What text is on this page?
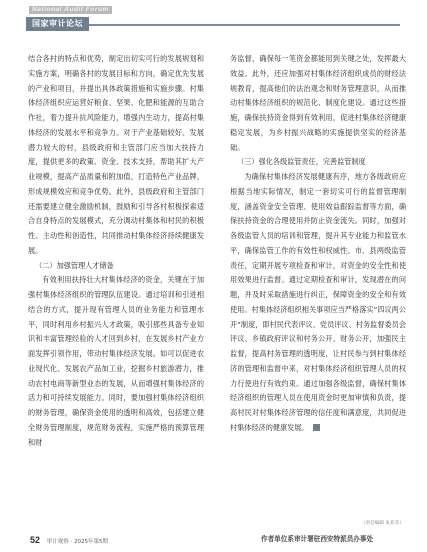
National Audit Forum
国家审计论坛

结合各村的特点和优势，制定出切实可行的发展规划和实施方案，明确各村的发展目标和方向，确定优先发展的产业和项目，并提出具体政策措施和实施步骤。村集体经济组织应运营好粮食、坚果、化肥和能源的互助合作社，着力提升抗风险能力，增强内生动力，提高村集体经济的发展水平和竞争力。对于产业基础较好、发展潜力较大的村，县级政府和主管部门应当加大扶持力度，提供更多的政策、资金、技术支持，帮助其扩大产业规模，提高产品质量和附加值，打造特色产业品牌，形成规模效应和竞争优势。此外，县级政府和主管部门还需要建立健全激励机制，鼓励和引导各村积极探索适合自身特点的发展模式，充分调动村集体和村民的积极性、主动性和创造性，共同推动村集体经济持续健康发展。

（二）加强管理人才储备

有效利用扶持壮大村集体经济的资金，关键在于加强村集体经济组织的管理队伍建设。通过培训和引进相结合的方式，提升现有管理人员的业务能力和管理水平，同时利用乡村振兴人才政策，吸引那些具备专业知识和丰富管理经验的人才回到乡村，在发展乡村产业方面发挥引领作用，带动村集体经济发展。如可以促进农业现代化、发展农产品加工业，挖掘乡村旅游潜力，推动农村电商等新型业态的发展，从而增强村集体经济的活力和可持续发展能力。同时，要加强村集体经济组织的财务管理，确保资金使用的透明和高效，包括建立健全财务管理制度，规范财务流程，实施严格的预算管理和财

务监督，确保每一笔资金都能用到关键之处，发挥最大效益。此外，还应加强对村集体经济组织成员的财经法规教育，提高他们的法治观念和财务管理意识，从而推动村集体经济组织的规范化、制度化建设。通过这些措施，确保扶持资金得到有效利用，促进村集体经济健康稳定发展，为乡村振兴战略的实施提供坚实的经济基础。

（三）强化各级监管责任，完善监管制度

为确保村集体经济发展健康有序，地方各级政府应根据当地实际情况，制定一套切实可行的监督管理制度，涵盖资金安全管理、使用效益跟踪监督等方面，确保扶持资金的合理使用并防止资金流失。同时，加强对各级监管人员的培训和管理，提升其专业能力和监管水平，确保监管工作的有效性和权威性。市、县两级监管责任，定期开展专项检查和审计，对资金的安全性和使用效果进行监督。通过定期检查和审计，发现潜在的问题，并及时采取措施进行纠正，保障资金的安全和有效使用。村集体经济组织相关事项应当严格落实“四议两公开”制度，即村民代表评议、党员评议、村务监督委员会评议、乡镇政府评议和村务公开、财务公开，加强民主监督，提高村务管理的透明度，让村民参与到村集体经济的管理和监督中来，对村集体经济组织管理人员的权力行使进行有效约束。通过加强各级监督，确保村集体经济组织的管理人员在使用资金时更加审慎和负责，提高村民对村集体经济管理的信任度和满意度，共同促进村集体经济的健康发展。

（责任编辑 朱亚芬）
作者单位系审计署驻西安特派员办事处
52 审计观察 · 2025年第5期
